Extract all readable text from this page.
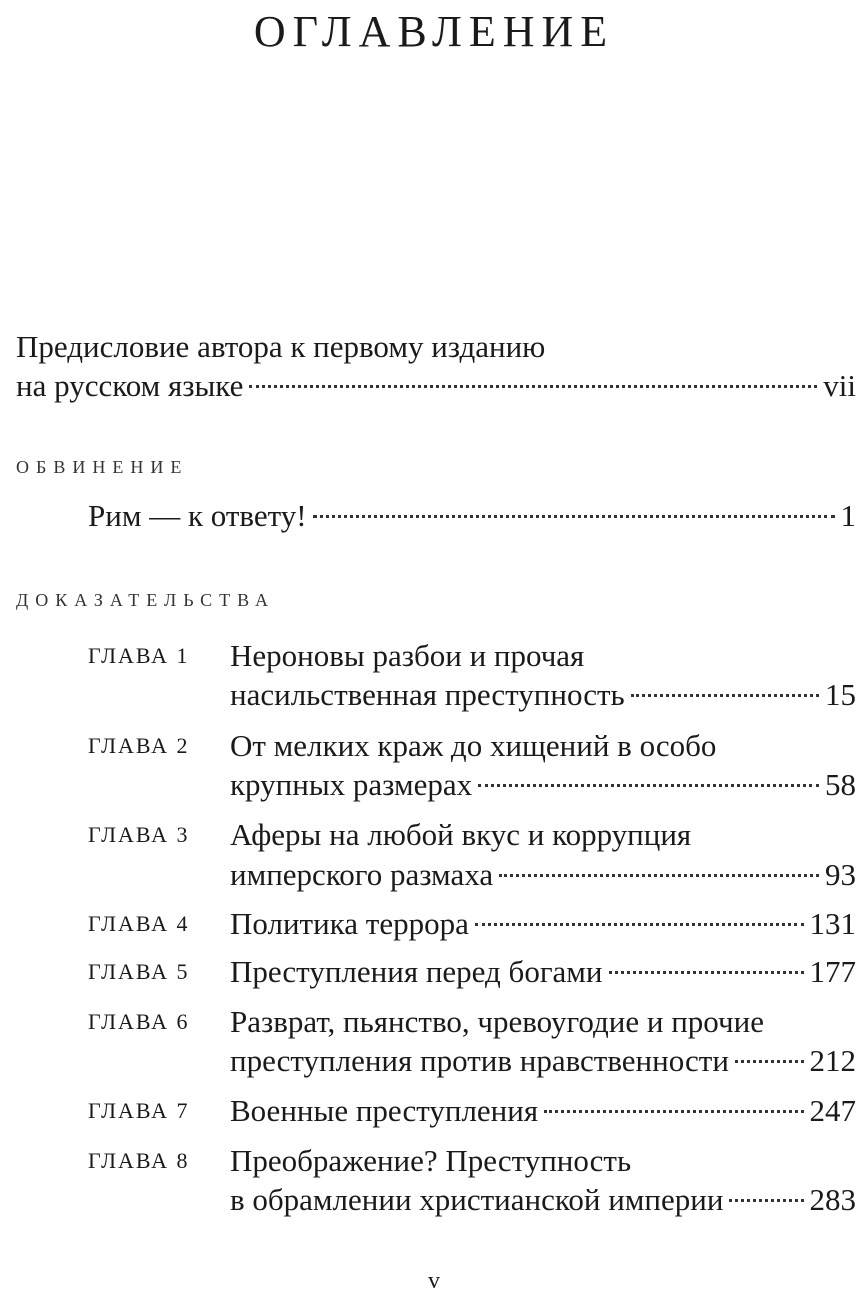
ОГЛАВЛЕНИЕ
Предисловие автора к первому изданию
на русском языке	vii
ОБВИНЕНИЕ
Рим — к ответу!	1
ДОКАЗАТЕЛЬСТВА
ГЛАВА 1 Нероновы разбои и прочая
насильственная преступность	15
ГЛАВА 2 От мелких краж до хищений в особо
крупных размерах	58
ГЛАВА 3 Аферы на любой вкус и коррупция
имперского размаха	93
ГЛАВА 4 Политика террора	131
ГЛАВА 5 Преступления перед богами	177
ГЛАВА 6 Разврат, пьянство, чревоугодие и прочие
преступления против нравственности	212
ГЛАВА 7 Военные преступления	247
ГЛАВА 8 Преображение? Преступность
в обрамлении христианской империи	283
v
